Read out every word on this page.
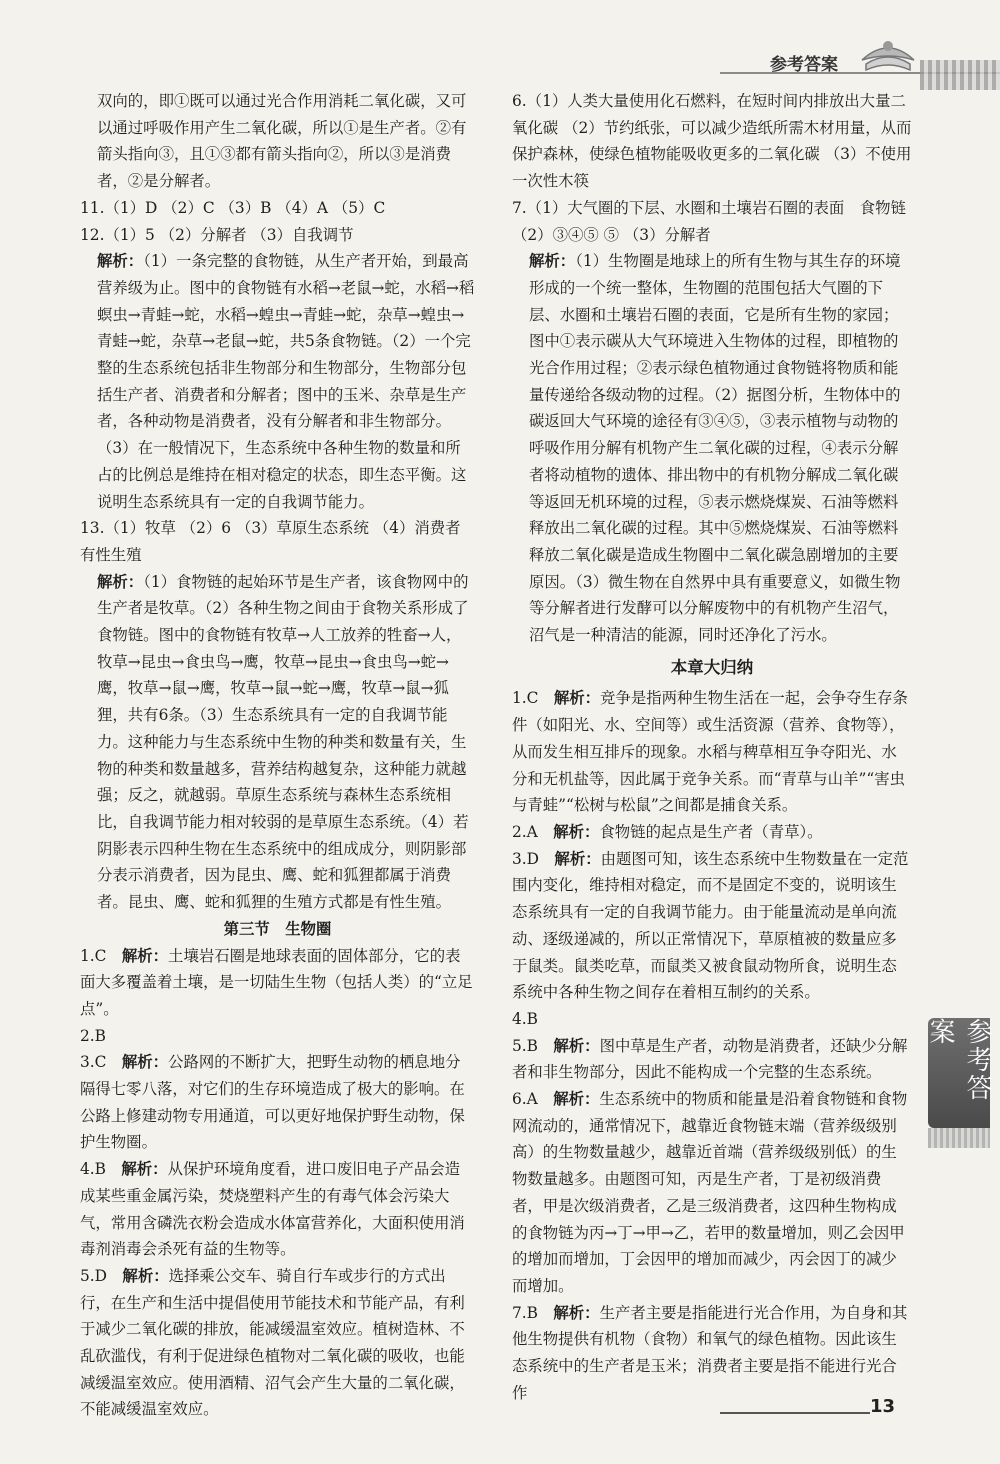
参考答案

双向的，即①既可以通过光合作用消耗二氧化碳，又可以通过呼吸作用产生二氧化碳，所以①是生产者。②有箭头指向③，且①③都有箭头指向②，所以③是消费者，②是分解者。

11.（1）D （2）C （3）B （4）A （5）C

12.（1）5 （2）分解者 （3）自我调节

解析：（1）一条完整的食物链，从生产者开始，到最高营养级为止。图中的食物链有水稻→老鼠→蛇，水稻→稻螟虫→青蛙→蛇，水稻→蝗虫→青蛙→蛇，杂草→蝗虫→青蛙→蛇，杂草→老鼠→蛇，共5条食物链。（2）一个完整的生态系统包括非生物部分和生物部分，生物部分包括生产者、消费者和分解者；图中的玉米、杂草是生产者，各种动物是消费者，没有分解者和非生物部分。（3）在一般情况下，生态系统中各种生物的数量和所占的比例总是维持在相对稳定的状态，即生态平衡。这说明生态系统具有一定的自我调节能力。

13.（1）牧草 （2）6 （3）草原生态系统 （4）消费者 有性生殖

解析：（1）食物链的起始环节是生产者，该食物网中的生产者是牧草。（2）各种生物之间由于食物关系形成了食物链。图中的食物链有牧草→人工放养的牲畜→人，牧草→昆虫→食虫鸟→鹰，牧草→昆虫→食虫鸟→蛇→鹰，牧草→鼠→鹰，牧草→鼠→蛇→鹰，牧草→鼠→狐狸，共有6条。（3）生态系统具有一定的自我调节能力。这种能力与生态系统中生物的种类和数量有关，生物的种类和数量越多，营养结构越复杂，这种能力就越强；反之，就越弱。草原生态系统与森林生态系统相比，自我调节能力相对较弱的是草原生态系统。（4）若阴影表示四种生物在生态系统中的组成成分，则阴影部分表示消费者，因为昆虫、鹰、蛇和狐狸都属于消费者。昆虫、鹰、蛇和狐狸的生殖方式都是有性生殖。

第三节　生物圈

1.C　解析：土壤岩石圈是地球表面的固体部分，它的表面大多覆盖着土壤，是一切陆生生物（包括人类）的“立足点”。

2.B

3.C　解析：公路网的不断扩大，把野生动物的栖息地分隔得七零八落，对它们的生存环境造成了极大的影响。在公路上修建动物专用通道，可以更好地保护野生动物，保护生物圈。

4.B　解析：从保护环境角度看，进口废旧电子产品会造成某些重金属污染，焚烧塑料产生的有毒气体会污染大气，常用含磷洗衣粉会造成水体富营养化，大面积使用消毒剂消毒会杀死有益的生物等。

5.D　解析：选择乘公交车、骑自行车或步行的方式出行，在生产和生活中提倡使用节能技术和节能产品，有利于减少二氧化碳的排放，能减缓温室效应。植树造林、不乱砍滥伐，有利于促进绿色植物对二氧化碳的吸收，也能减缓温室效应。使用酒精、沼气会产生大量的二氧化碳，不能减缓温室效应。

6.（1）人类大量使用化石燃料，在短时间内排放出大量二氧化碳 （2）节约纸张，可以减少造纸所需木材用量，从而保护森林，使绿色植物能吸收更多的二氧化碳 （3）不使用一次性木筷

7.（1）大气圈的下层、水圈和土壤岩石圈的表面　食物链 （2）③④⑤ ⑤ （3）分解者

解析：（1）生物圈是地球上的所有生物与其生存的环境形成的一个统一整体，生物圈的范围包括大气圈的下层、水圈和土壤岩石圈的表面，它是所有生物的家园；图中①表示碳从大气环境进入生物体的过程，即植物的光合作用过程；②表示绿色植物通过食物链将物质和能量传递给各级动物的过程。（2）据图分析，生物体中的碳返回大气环境的途径有③④⑤，③表示植物与动物的呼吸作用分解有机物产生二氧化碳的过程，④表示分解者将动植物的遗体、排出物中的有机物分解成二氧化碳等返回无机环境的过程，⑤表示燃烧煤炭、石油等燃料释放出二氧化碳的过程。其中⑤燃烧煤炭、石油等燃料释放二氧化碳是造成生物圈中二氧化碳急剧增加的主要原因。（3）微生物在自然界中具有重要意义，如微生物等分解者进行发酵可以分解废物中的有机物产生沼气，沼气是一种清洁的能源，同时还净化了污水。

本章大归纳

1.C　解析：竞争是指两种生物生活在一起，会争夺生存条件（如阳光、水、空间等）或生活资源（营养、食物等），从而发生相互排斥的现象。水稻与稗草相互争夺阳光、水分和无机盐等，因此属于竞争关系。而“青草与山羊”“害虫与青蛙”“松树与松鼠”之间都是捕食关系。

2.A　解析：食物链的起点是生产者（青草）。

3.D　解析：由题图可知，该生态系统中生物数量在一定范围内变化，维持相对稳定，而不是固定不变的，说明该生态系统具有一定的自我调节能力。由于能量流动是单向流动、逐级递减的，所以正常情况下，草原植被的数量应多于鼠类。鼠类吃草，而鼠类又被食鼠动物所食，说明生态系统中各种生物之间存在着相互制约的关系。

4.B

5.B　解析：图中草是生产者，动物是消费者，还缺少分解者和非生物部分，因此不能构成一个完整的生态系统。

6.A　解析：生态系统中的物质和能量是沿着食物链和食物网流动的，通常情况下，越靠近食物链末端（营养级级别高）的生物数量越少，越靠近首端（营养级级别低）的生物数量越多。由题图可知，丙是生产者，丁是初级消费者，甲是次级消费者，乙是三级消费者，这四种生物构成的食物链为丙→丁→甲→乙，若甲的数量增加，则乙会因甲的增加而增加，丁会因甲的增加而减少，丙会因丁的减少而增加。

7.B　解析：生产者主要是指能进行光合作用，为自身和其他生物提供有机物（食物）和氧气的绿色植物。因此该生态系统中的生产者是玉米；消费者主要是指不能进行光合作

参考答案
13
